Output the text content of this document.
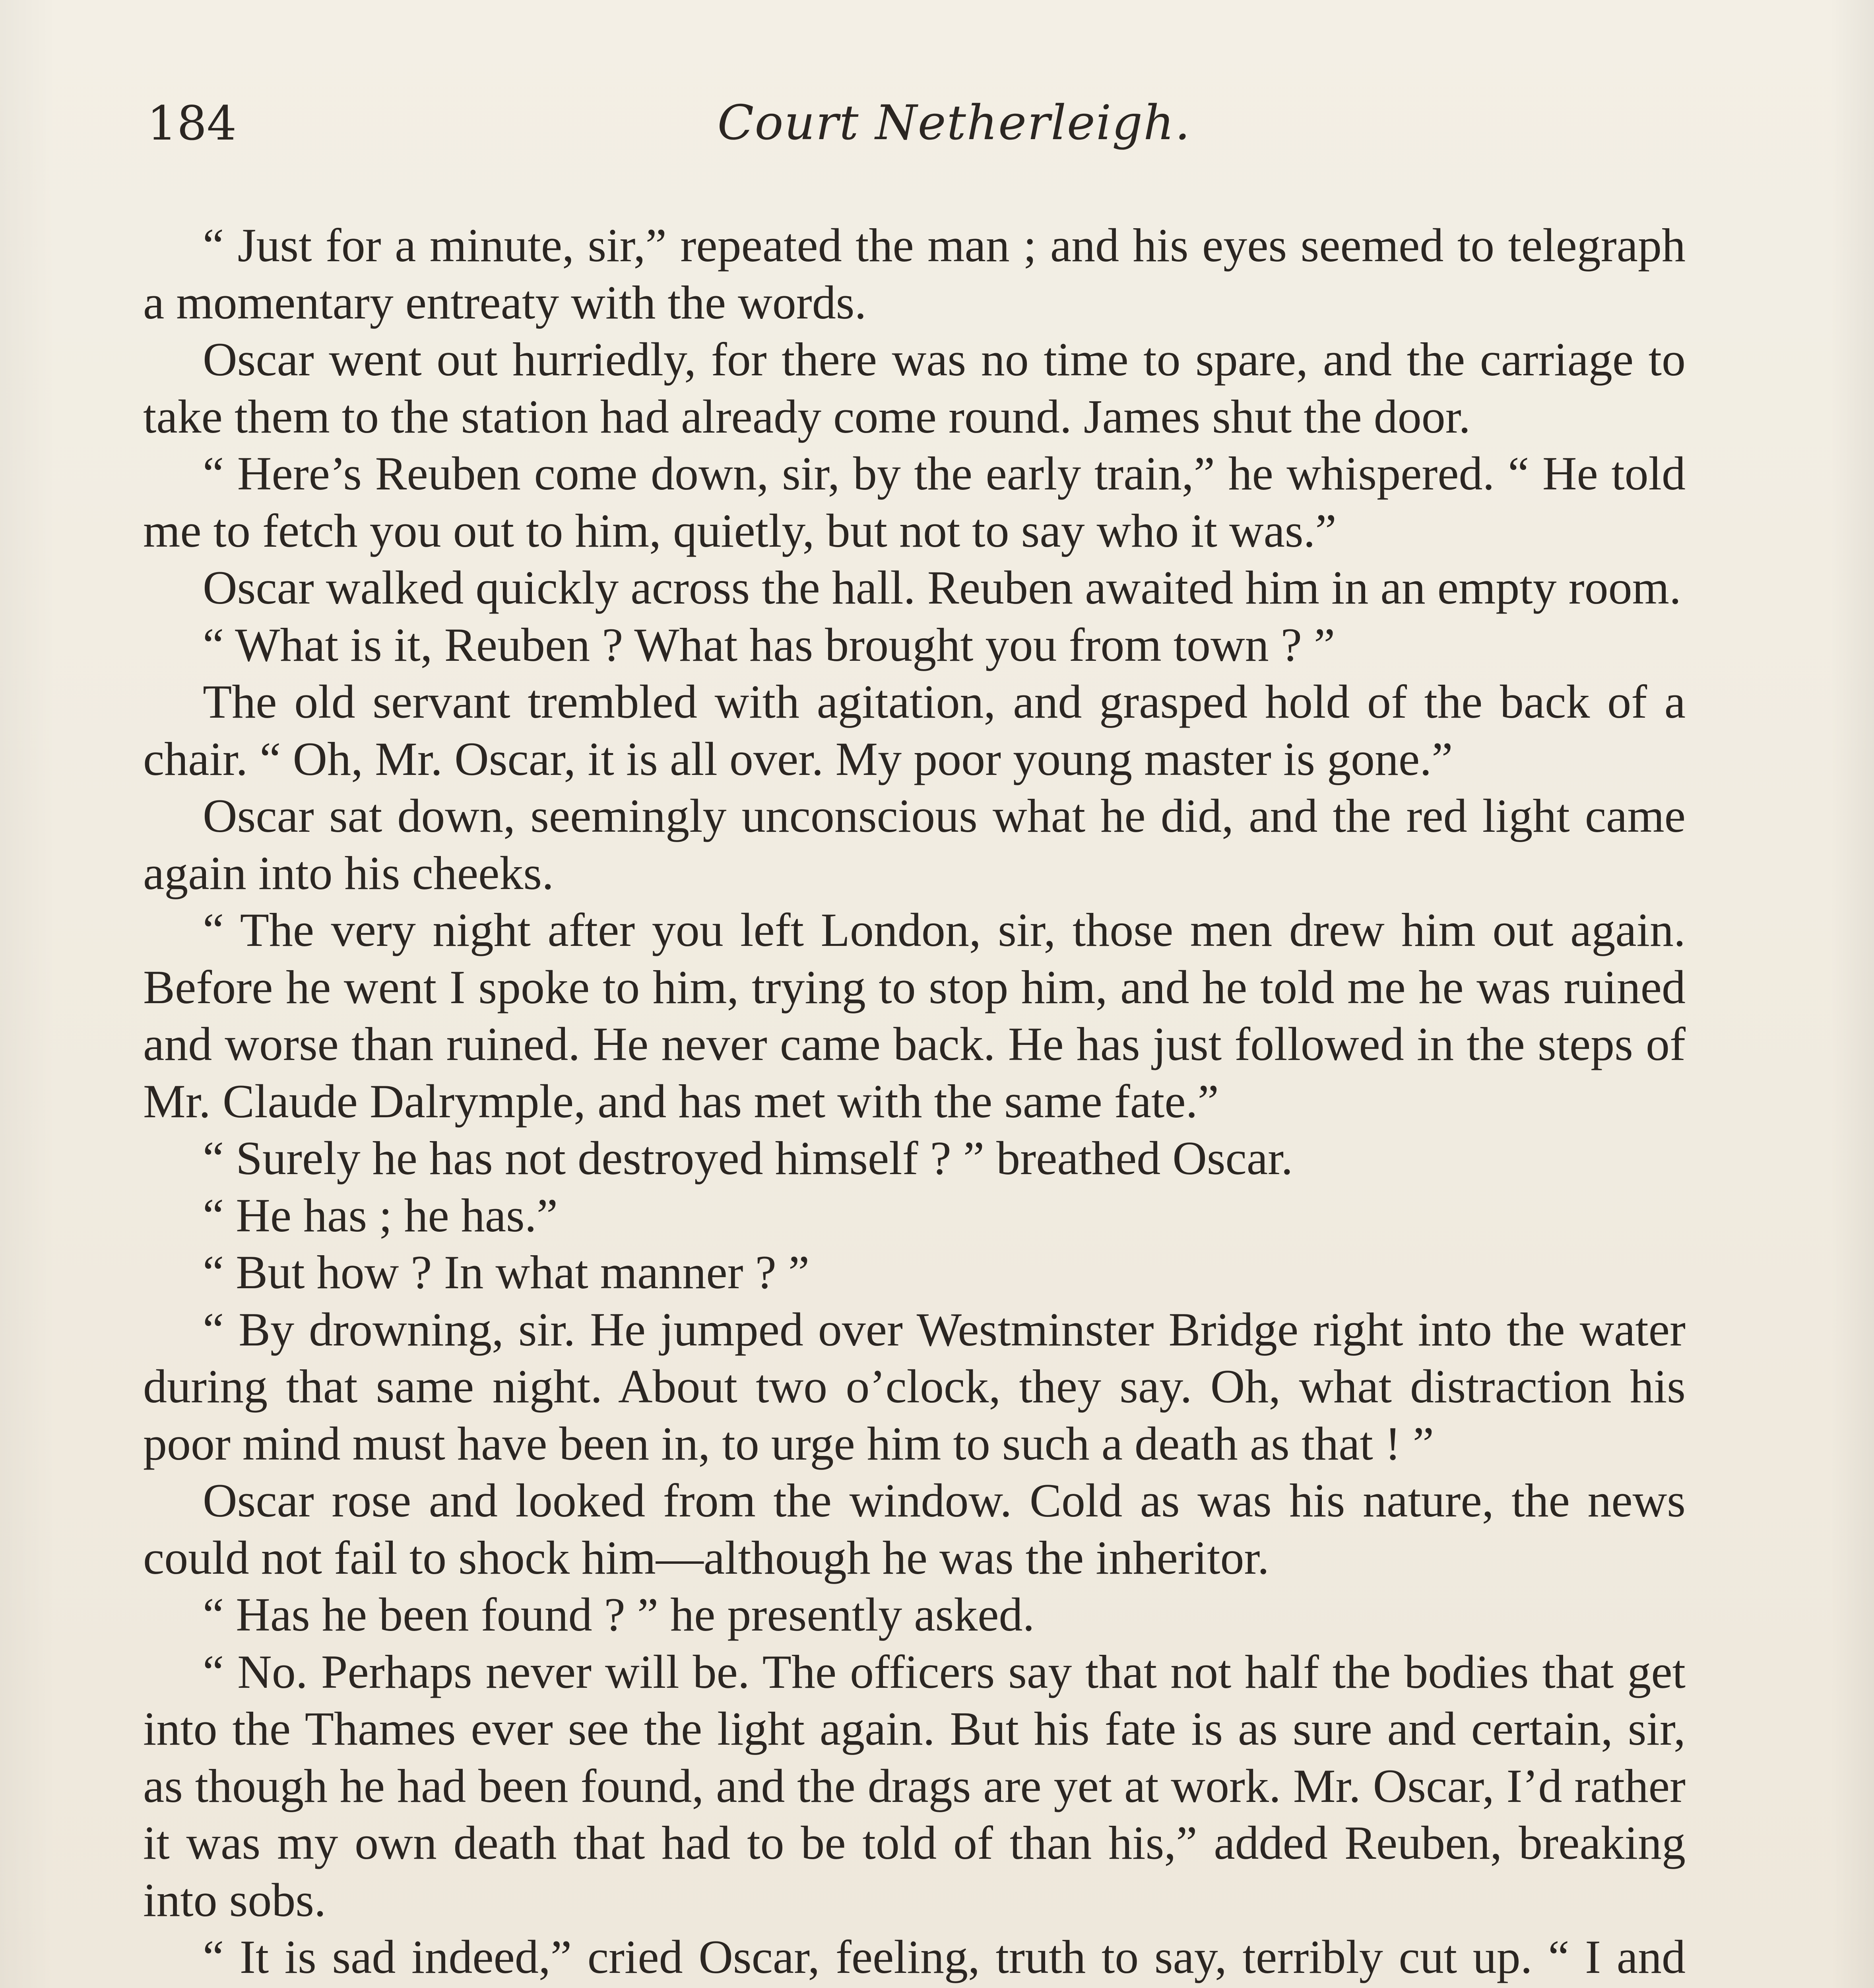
184	Court Netherleigh.

“ Just for a minute, sir,” repeated the man ; and his eyes seemed to telegraph a momentary entreaty with the words.

Oscar went out hurriedly, for there was no time to spare, and the carriage to take them to the station had already come round. James shut the door.

“ Here’s Reuben come down, sir, by the early train,” he whispered. “ He told me to fetch you out to him, quietly, but not to say who it was.”

Oscar walked quickly across the hall. Reuben awaited him in an empty room.

“ What is it, Reuben ? What has brought you from town ? ”

The old servant trembled with agitation, and grasped hold of the back of a chair. “ Oh, Mr. Oscar, it is all over. My poor young master is gone.”

Oscar sat down, seemingly unconscious what he did, and the red light came again into his cheeks.

“ The very night after you left London, sir, those men drew him out again. Before he went I spoke to him, trying to stop him, and he told me he was ruined and worse than ruined. He never came back. He has just followed in the steps of Mr. Claude Dalrymple, and has met with the same fate.”

“ Surely he has not destroyed himself ? ” breathed Oscar.

“ He has ; he has.”

“ But how ? In what manner ? ”

“ By drowning, sir. He jumped over Westminster Bridge right into the water during that same night. About two o’clock, they say. Oh, what distraction his poor mind must have been in, to urge him to such a death as that ! ”

Oscar rose and looked from the window. Cold as was his nature, the news could not fail to shock him—although he was the inheritor.

“ Has he been found ? ” he presently asked.

“ No. Perhaps never will be. The officers say that not half the bodies that get into the Thames ever see the light again. But his fate is as sure and certain, sir, as though he had been found, and the drags are yet at work. Mr. Oscar, I’d rather it was my own death that had to be told of than his,” added Reuben, breaking into sobs.

“ It is sad indeed,” cried Oscar, feeling, truth to say, terribly cut up. “ I and
